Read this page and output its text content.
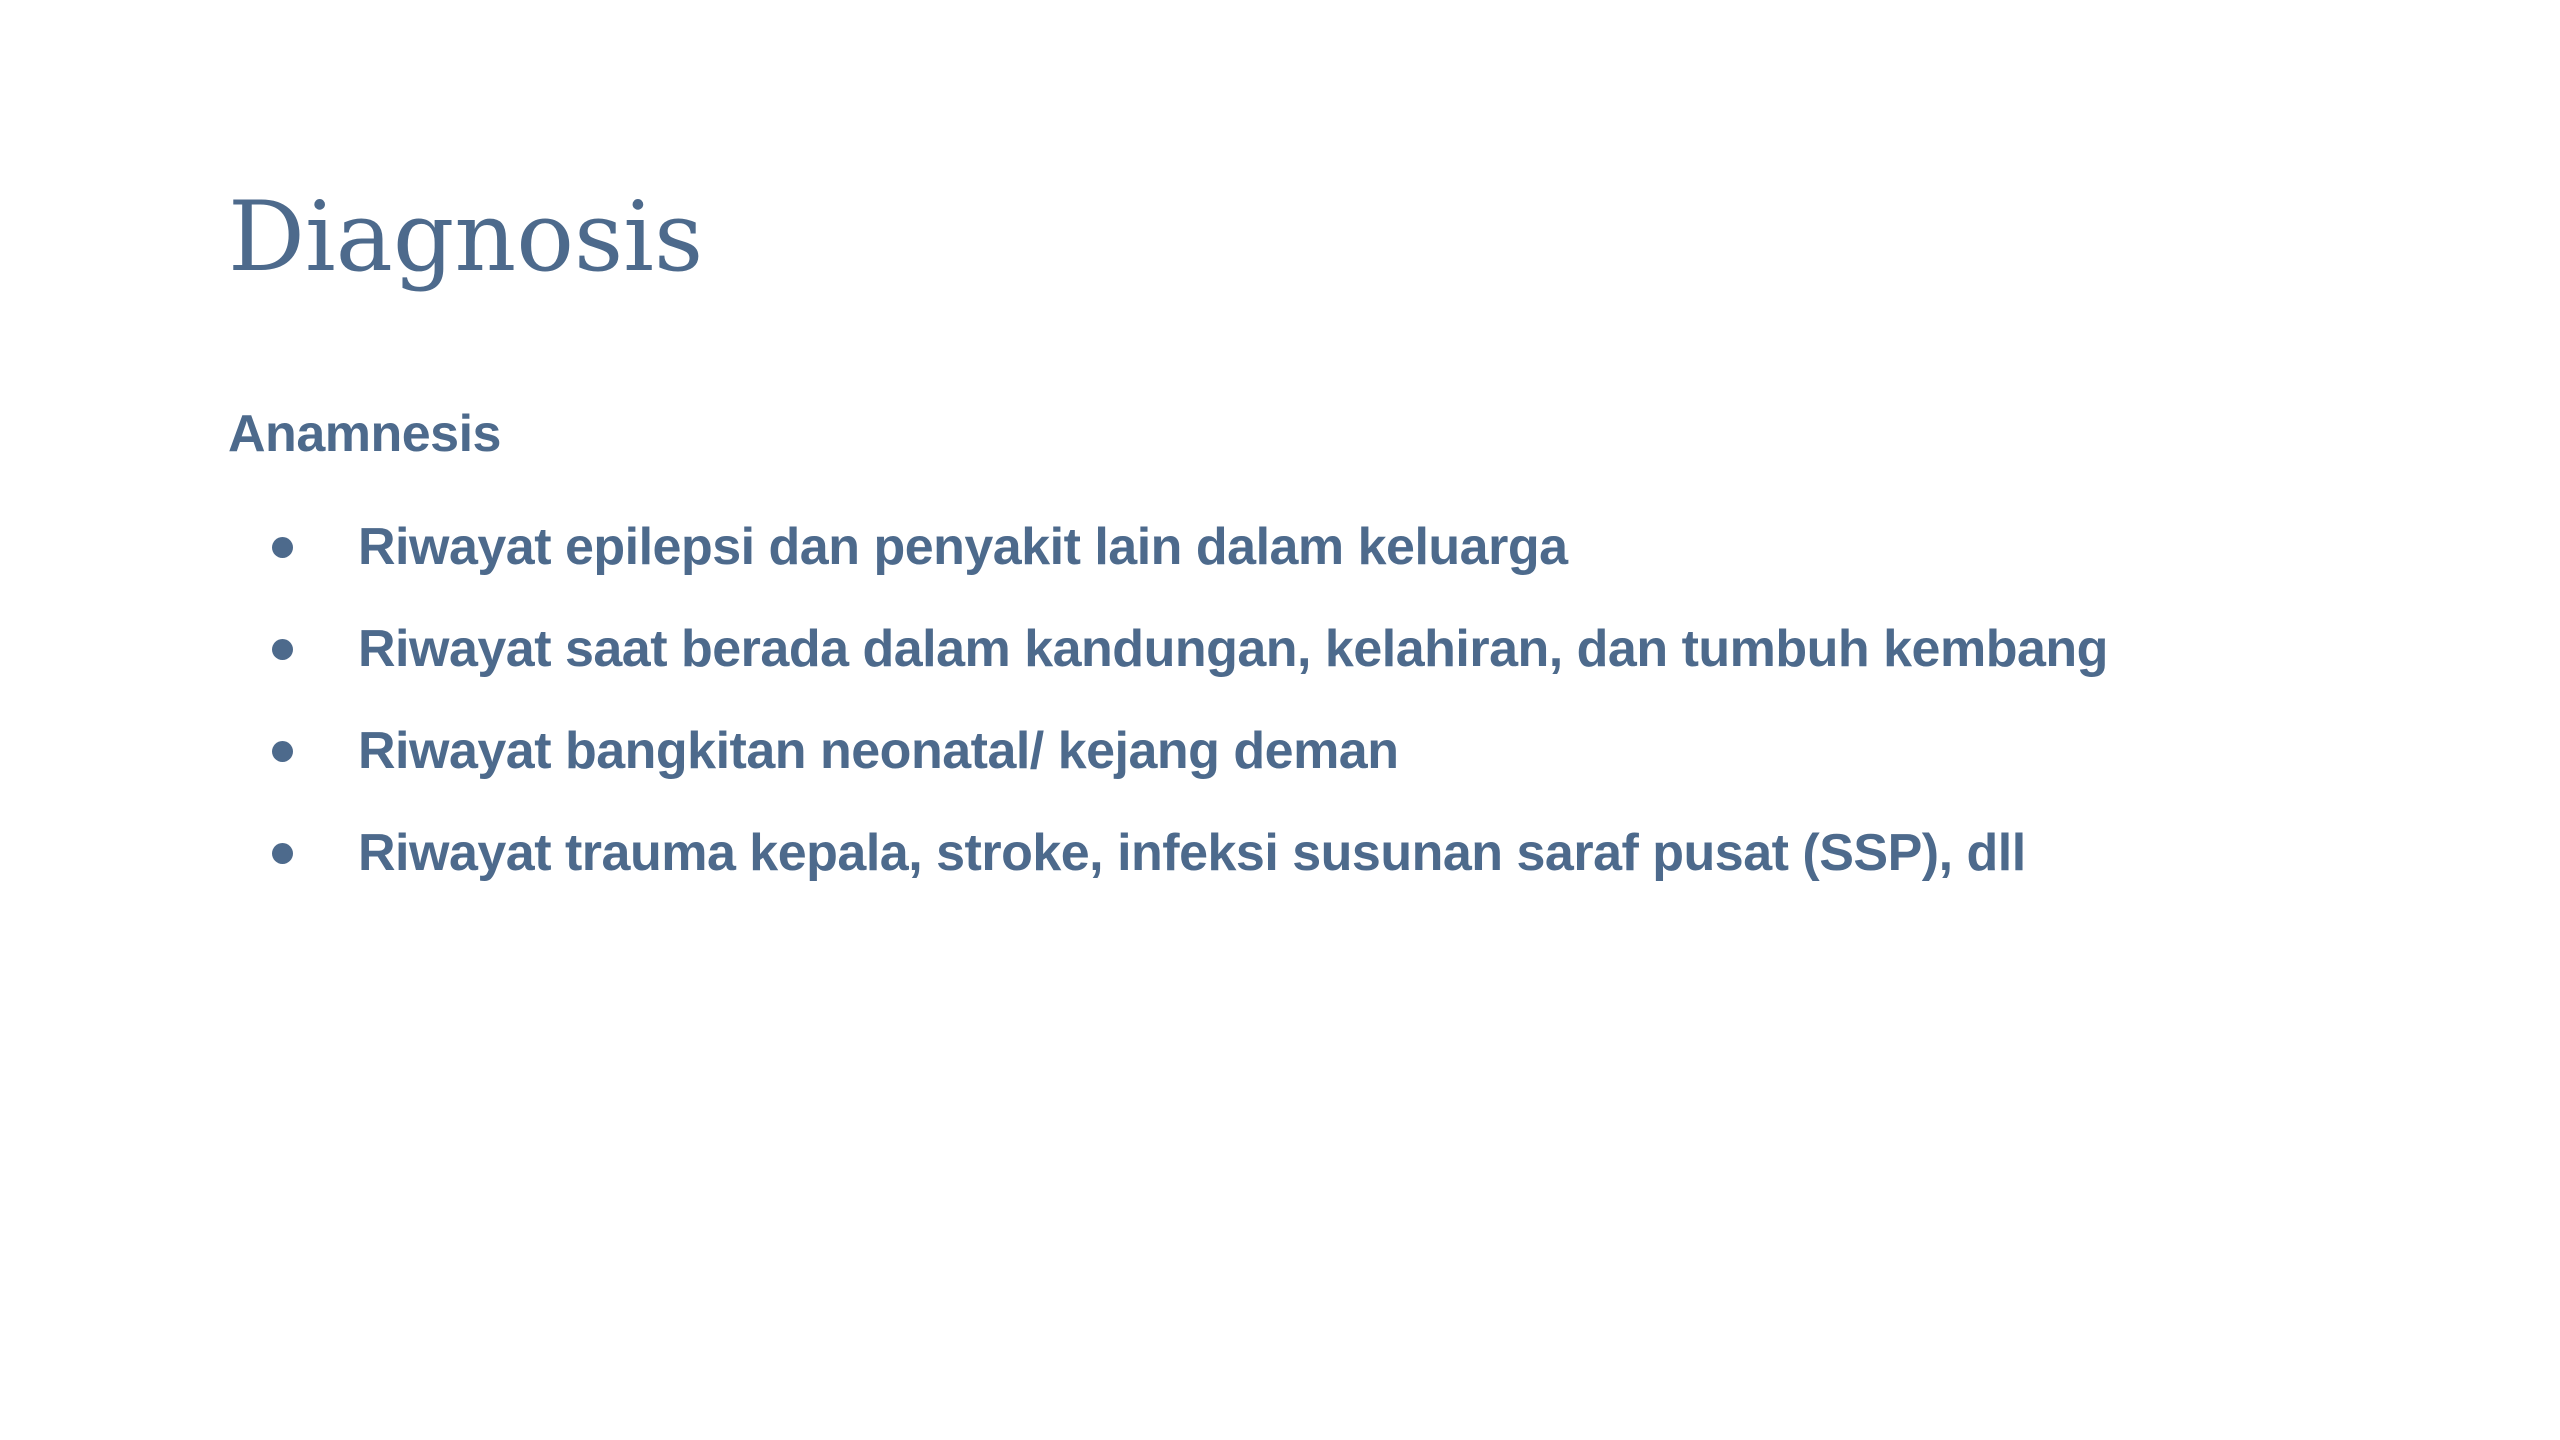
Diagnosis

Anamnesis

Riwayat epilepsi dan penyakit lain dalam keluarga
Riwayat saat berada dalam kandungan, kelahiran, dan tumbuh kembang
Riwayat bangkitan neonatal/ kejang deman
Riwayat trauma kepala, stroke, infeksi susunan saraf pusat (SSP), dll
